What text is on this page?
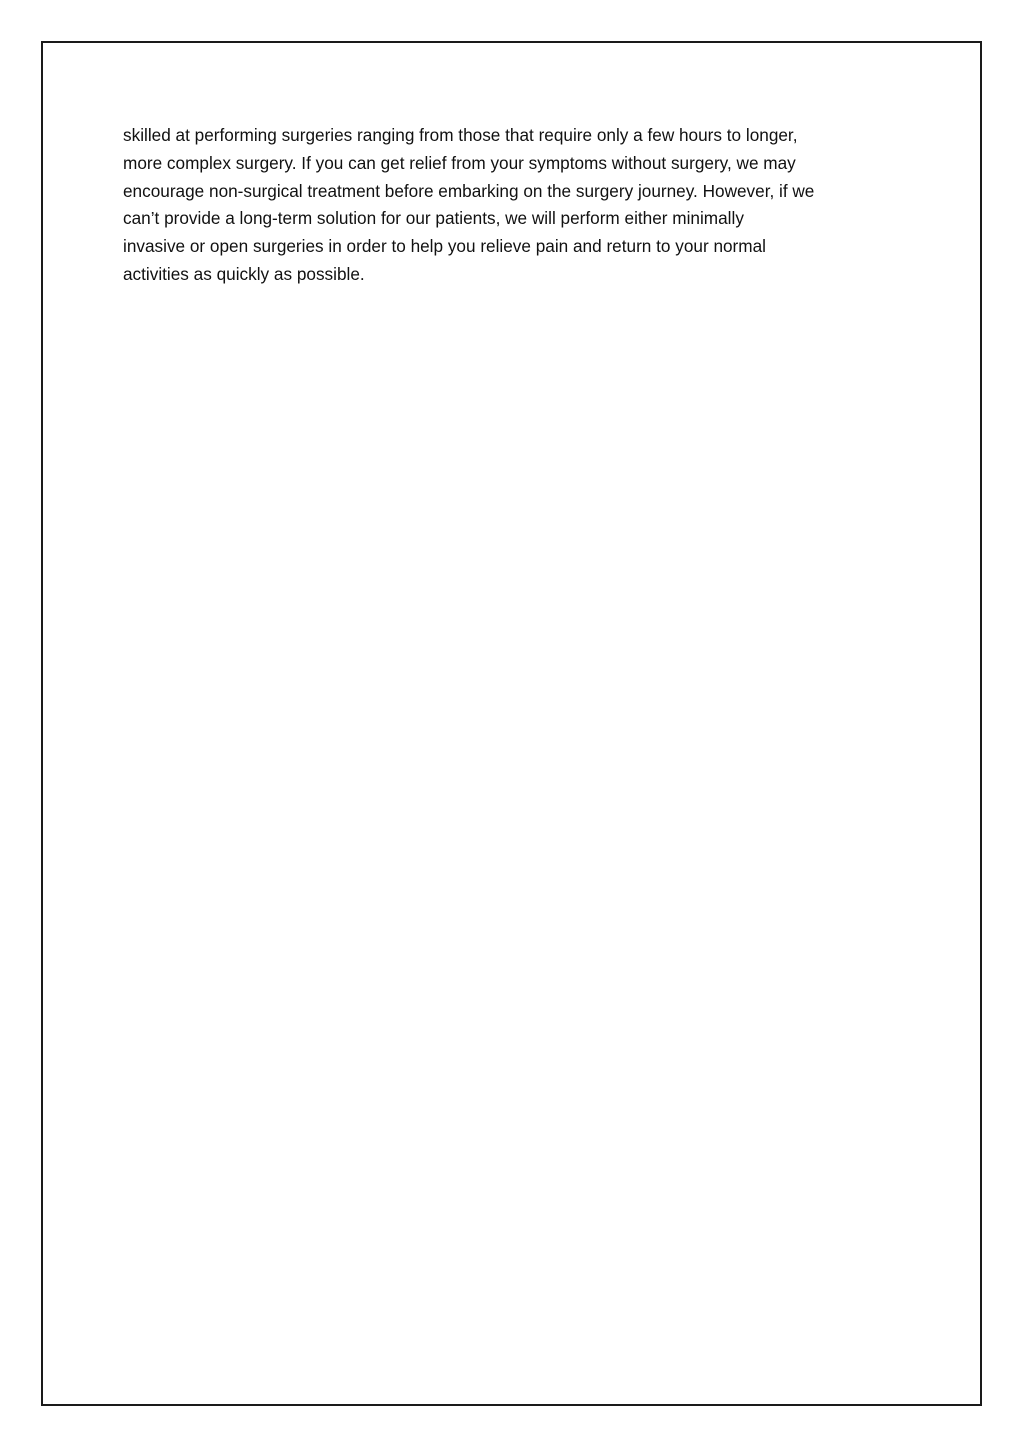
skilled at performing surgeries ranging from those that require only a few hours to longer,
more complex surgery. If you can get relief from your symptoms without surgery, we may
encourage non-surgical treatment before embarking on the surgery journey. However, if we
can’t provide a long-term solution for our patients, we will perform either minimally
invasive or open surgeries in order to help you relieve pain and return to your normal
activities as quickly as possible.
